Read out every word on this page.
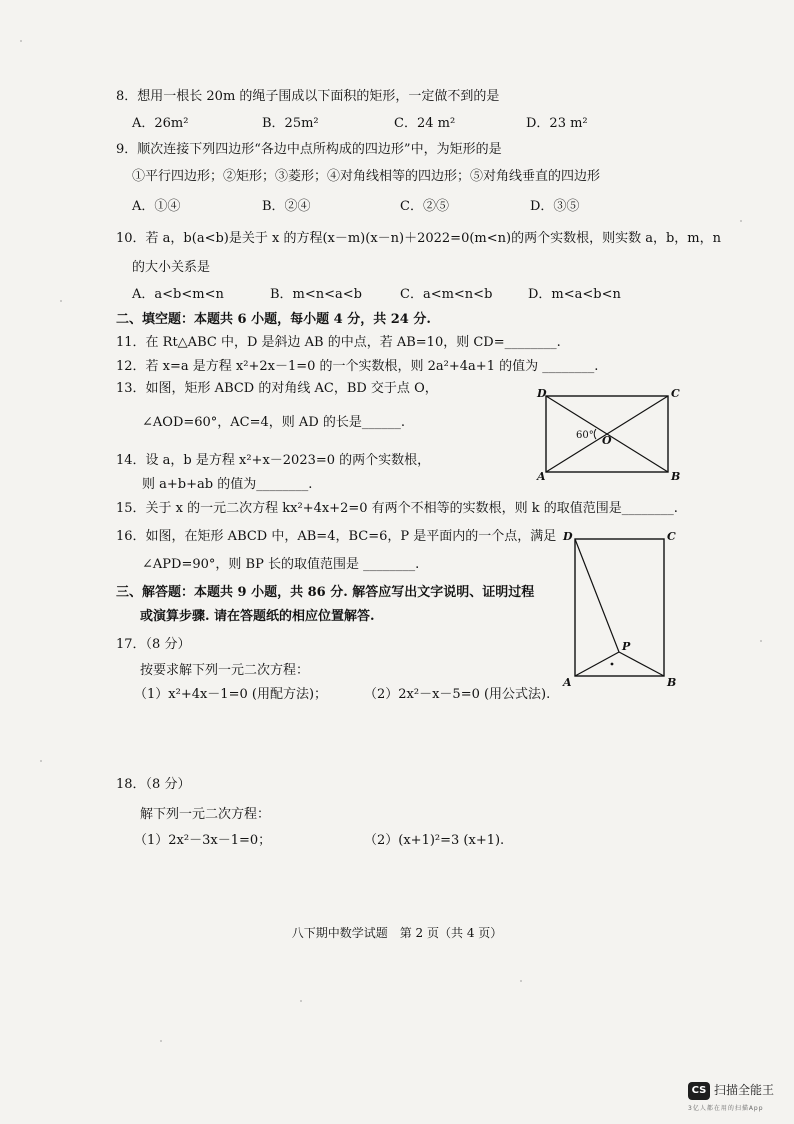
8．想用一根长 20m 的绳子围成以下面积的矩形，一定做不到的是
A．26m²	B．25m²	C．24 m²	D．23 m²
9．顺次连接下列四边形“各边中点所构成的四边形”中，为矩形的是
①平行四边形；②矩形；③菱形；④对角线相等的四边形；⑤对角线垂直的四边形
A．①④	B．②④	C．②⑤	D．③⑤
10．若 a，b(a<b)是关于 x 的方程(x－m)(x－n)＋2022=0(m<n)的两个实数根，则实数 a，b，m，n
的大小关系是
A．a<b<m<n	B．m<n<a<b	C．a<m<n<b	D．m<a<b<n
二、填空题：本题共 6 小题，每小题 4 分，共 24 分.
11．在 Rt△ABC 中，D 是斜边 AB 的中点，若 AB=10，则 CD=________.
12．若 x=a 是方程 x²+2x－1=0 的一个实数根，则 2a²+4a+1 的值为 ________.
13．如图，矩形 ABCD 的对角线 AC，BD 交于点 O，
∠AOD=60°，AC=4，则 AD 的长是______.
D	C
A	B
O
60°
14．设 a，b 是方程 x²+x－2023=0 的两个实数根，
则 a+b+ab 的值为________.
15．关于 x 的一元二次方程 kx²+4x+2=0 有两个不相等的实数根，则 k 的取值范围是________.
16．如图，在矩形 ABCD 中，AB=4，BC=6，P 是平面内的一个点，满足
∠APD=90°，则 BP 长的取值范围是 ________.
D	C
A	B
P
三、解答题：本题共 9 小题，共 86 分. 解答应写出文字说明、证明过程
或演算步骤. 请在答题纸的相应位置解答.
17．（8 分）
按要求解下列一元二次方程：
（1）x²+4x－1=0 (用配方法)；	（2）2x²－x－5=0 (用公式法).
18．（8 分）
解下列一元二次方程：
（1）2x²－3x－1=0；	（2）(x+1)²=3 (x+1).
八下期中数学试题　第 2 页（共 4 页）
CS 扫描全能王
3亿人都在用的扫描App
